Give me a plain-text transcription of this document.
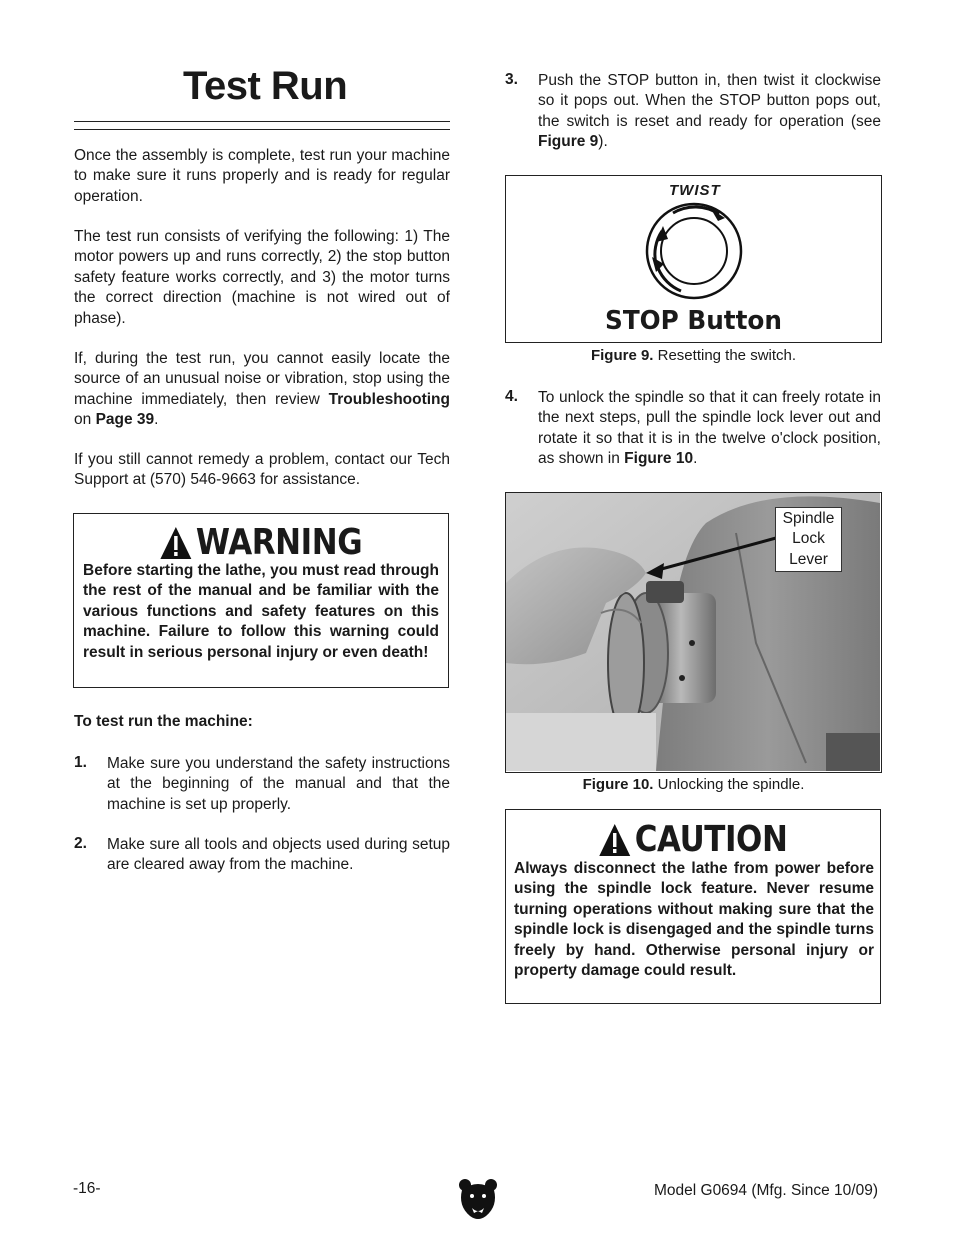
Test Run

Once the assembly is complete, test run your machine to make sure it runs properly and is ready for regular operation.

The test run consists of verifying the following: 1) The motor powers up and runs correctly, 2) the stop button safety feature works correctly, and 3) the motor turns the correct direction (machine is not wired out of phase).

If, during the test run, you cannot easily locate the source of an unusual noise or vibration, stop using the machine immediately, then review Troubleshooting on Page 39.

If you still cannot remedy a problem, contact our Tech Support at (570) 546-9663 for assistance.

WARNING

Before starting the lathe, you must read through the rest of the manual and be familiar with the various functions and safety features on this machine. Failure to follow this warning could result in serious personal injury or even death!

To test run the machine:
1.	Make sure you understand the safety instructions at the beginning of the manual and that the machine is set up properly.
2.	Make sure all tools and objects used during setup are cleared away from the machine.
3.	Push the STOP button in, then twist it clockwise so it pops out. When the STOP button pops out, the switch is reset and ready for operation (see Figure 9).
TWIST
STOP Button
Figure 9. Resetting the switch.
4.	To unlock the spindle so that it can freely rotate in the next steps, pull the spindle lock lever out and rotate it so that it is in the twelve o'clock position, as shown in Figure 10.
Spindle
Lock
Lever
Figure 10. Unlocking the spindle.
CAUTION

Always disconnect the lathe from power before using the spindle lock feature. Never resume turning operations without making sure that the spindle lock is disengaged and the spindle turns freely by hand. Otherwise personal injury or property damage could result.

-16-	Model G0694 (Mfg. Since 10/09)
